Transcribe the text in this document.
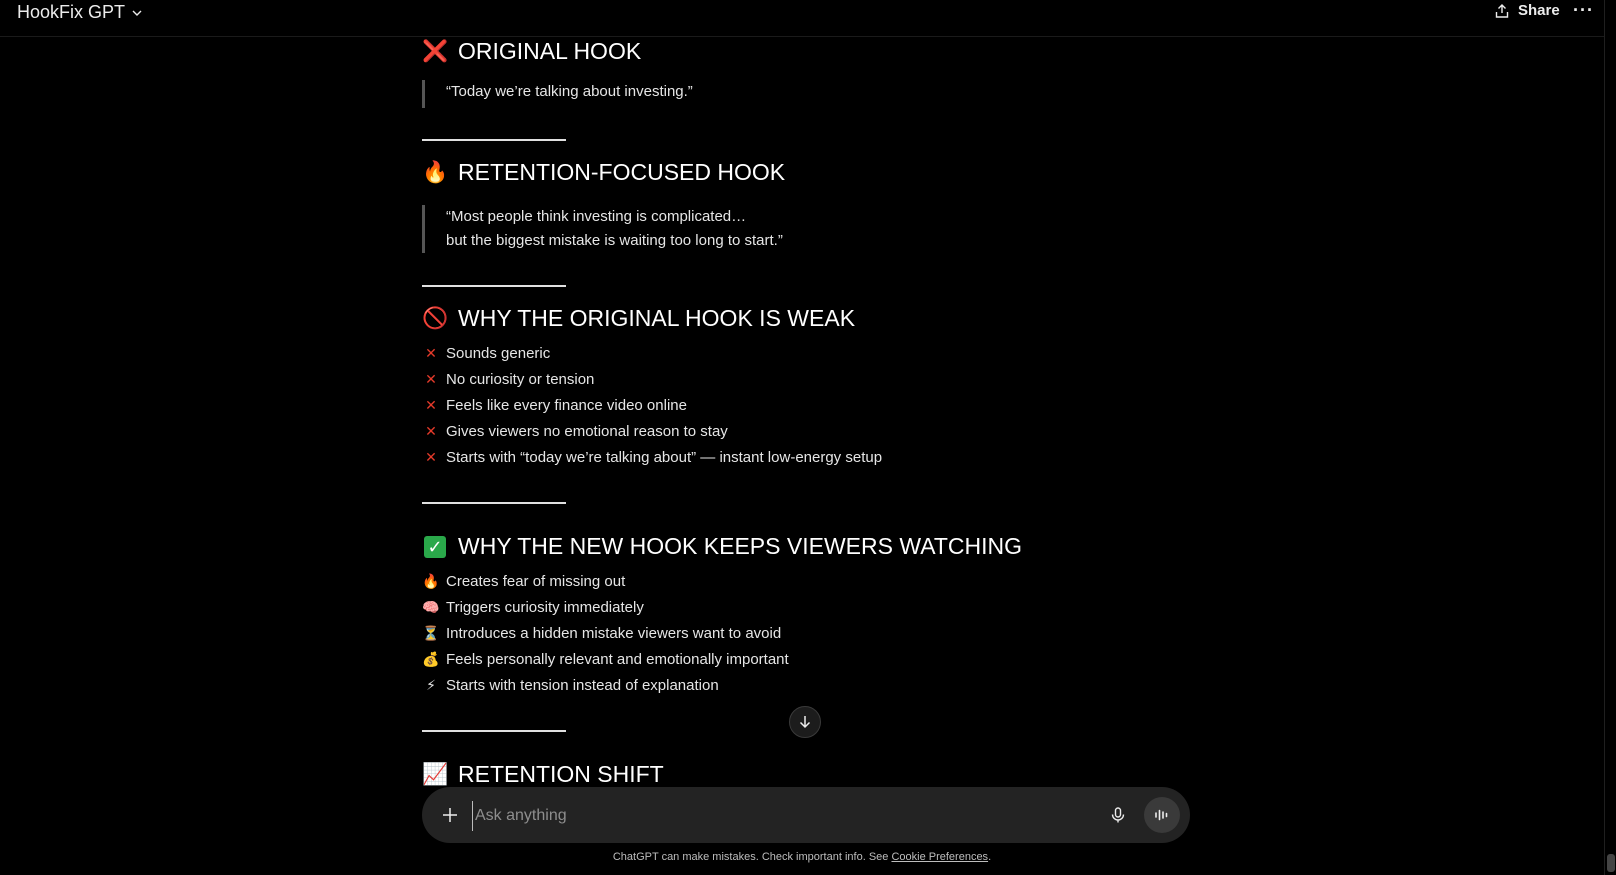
HookFix GPT	Share ···
❌ ORIGINAL HOOK
“Today we’re talking about investing.”
🔥 RETENTION-FOCUSED HOOK
“Most people think investing is complicated…
but the biggest mistake is waiting too long to start.”
🚫 WHY THE ORIGINAL HOOK IS WEAK
✕ Sounds generic
✕ No curiosity or tension
✕ Feels like every finance video online
✕ Gives viewers no emotional reason to stay
✕ Starts with “today we’re talking about” — instant low-energy setup
✓ WHY THE NEW HOOK KEEPS VIEWERS WATCHING
🔥 Creates fear of missing out
🧠 Triggers curiosity immediately
⏳ Introduces a hidden mistake viewers want to avoid
💰 Feels personally relevant and emotionally important
⚡ Starts with tension instead of explanation
📈 RETENTION SHIFT
Ask anything
ChatGPT can make mistakes. Check important info. See Cookie Preferences.
